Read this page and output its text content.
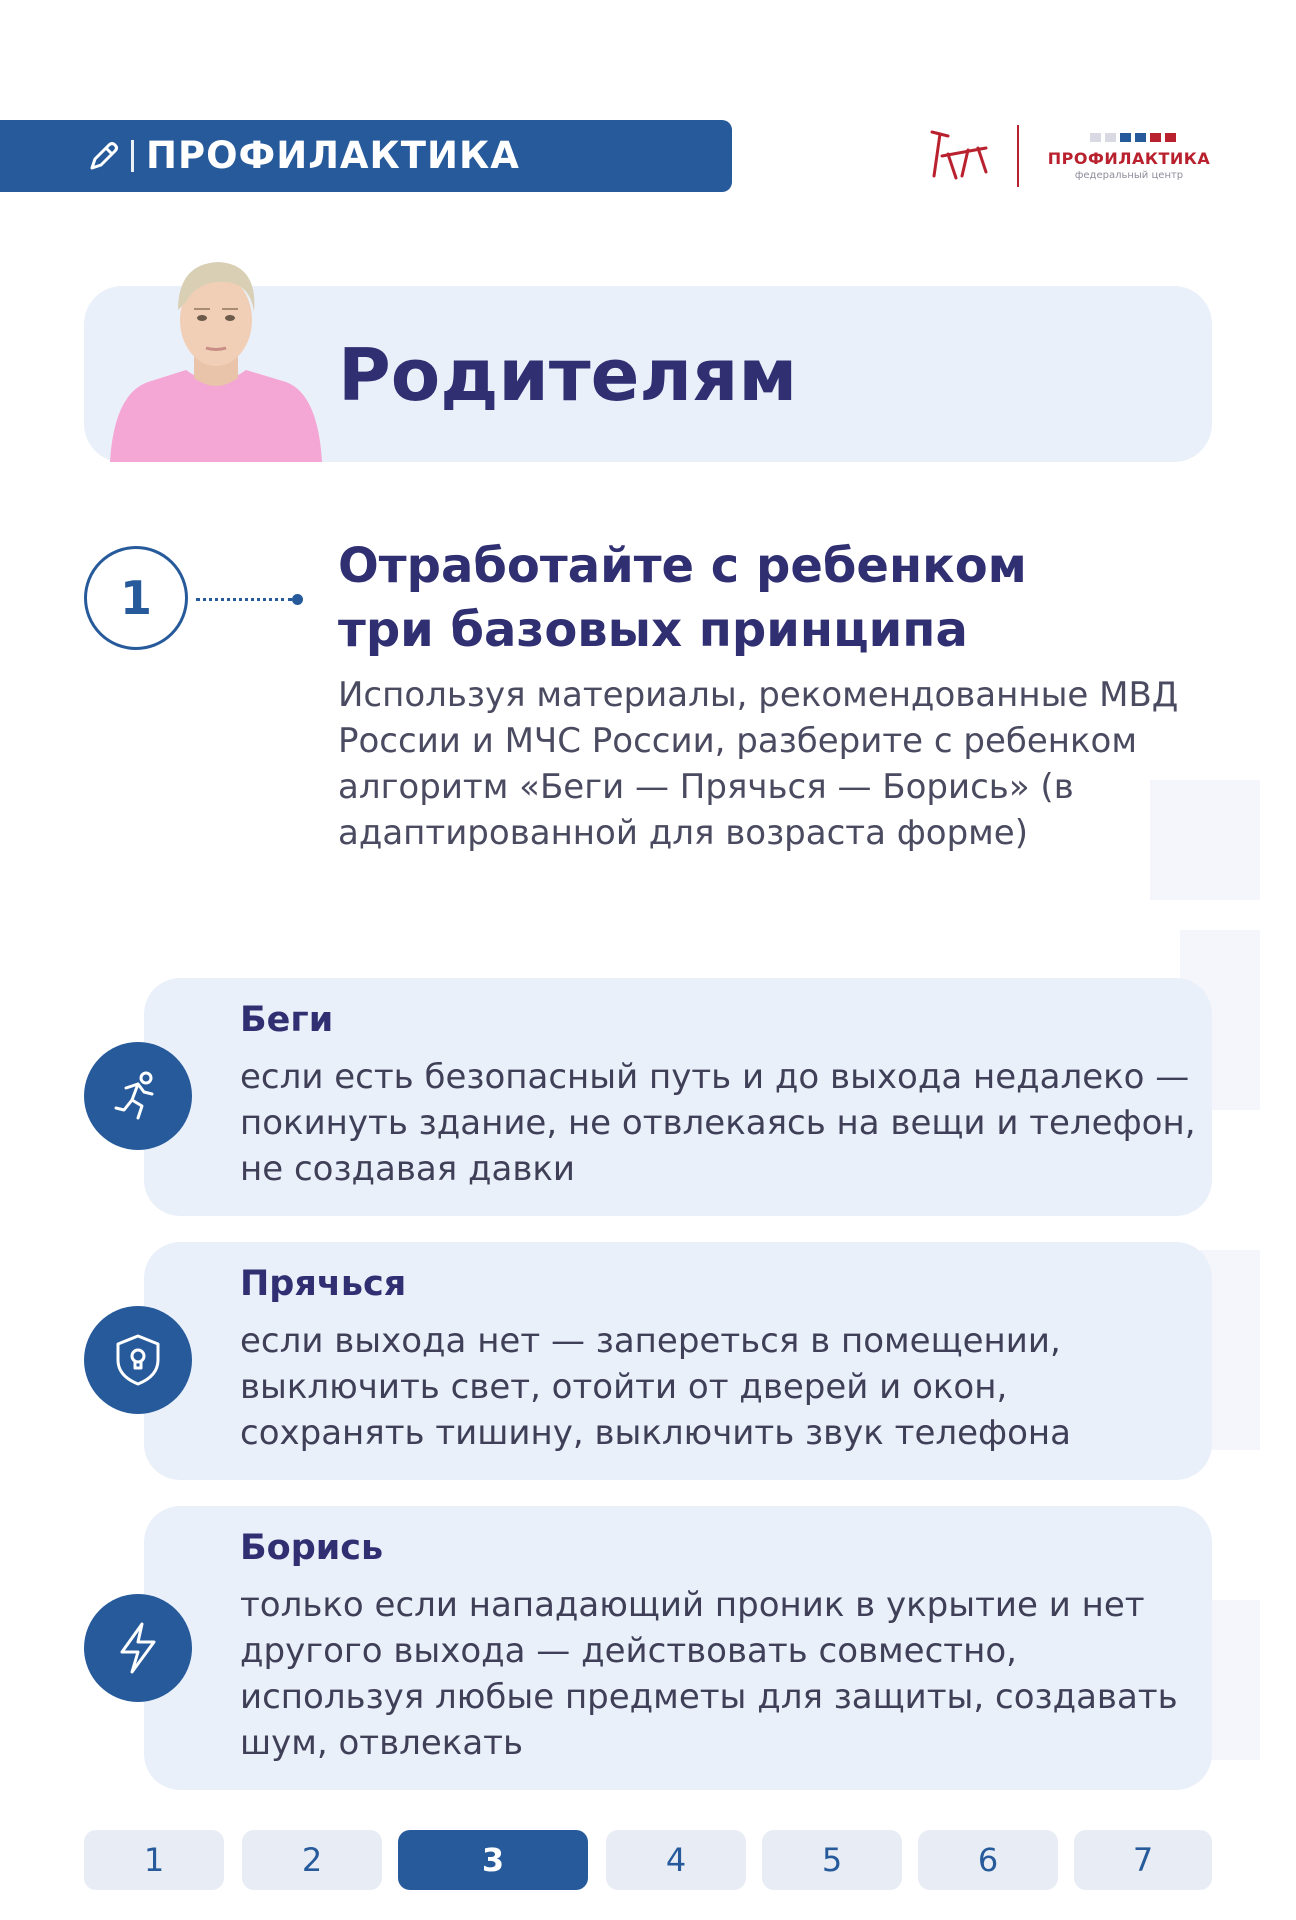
ПРОФИЛАКТИКА	ПРОФИЛАКТИКА
федеральный центр
Родителям
1
Отработайте с ребенком
три базовых принципа
Используя материалы, рекомендованные МВД России и МЧС России, разберите с ребенком алгоритм «Беги — Прячься — Борись» (в адаптированной для возраста форме)
Беги
если есть безопасный путь и до выхода недалеко — покинуть здание, не отвлекаясь на вещи и телефон, не создавая давки
Прячься
если выхода нет — запереться в помещении, выключить свет, отойти от дверей и окон, сохранять тишину, выключить звук телефона
Борись
только если нападающий проник в укрытие и нет другого выхода — действовать совместно, используя любые предметы для защиты, создавать шум, отвлекать
1	2	3	4	5	6	7
